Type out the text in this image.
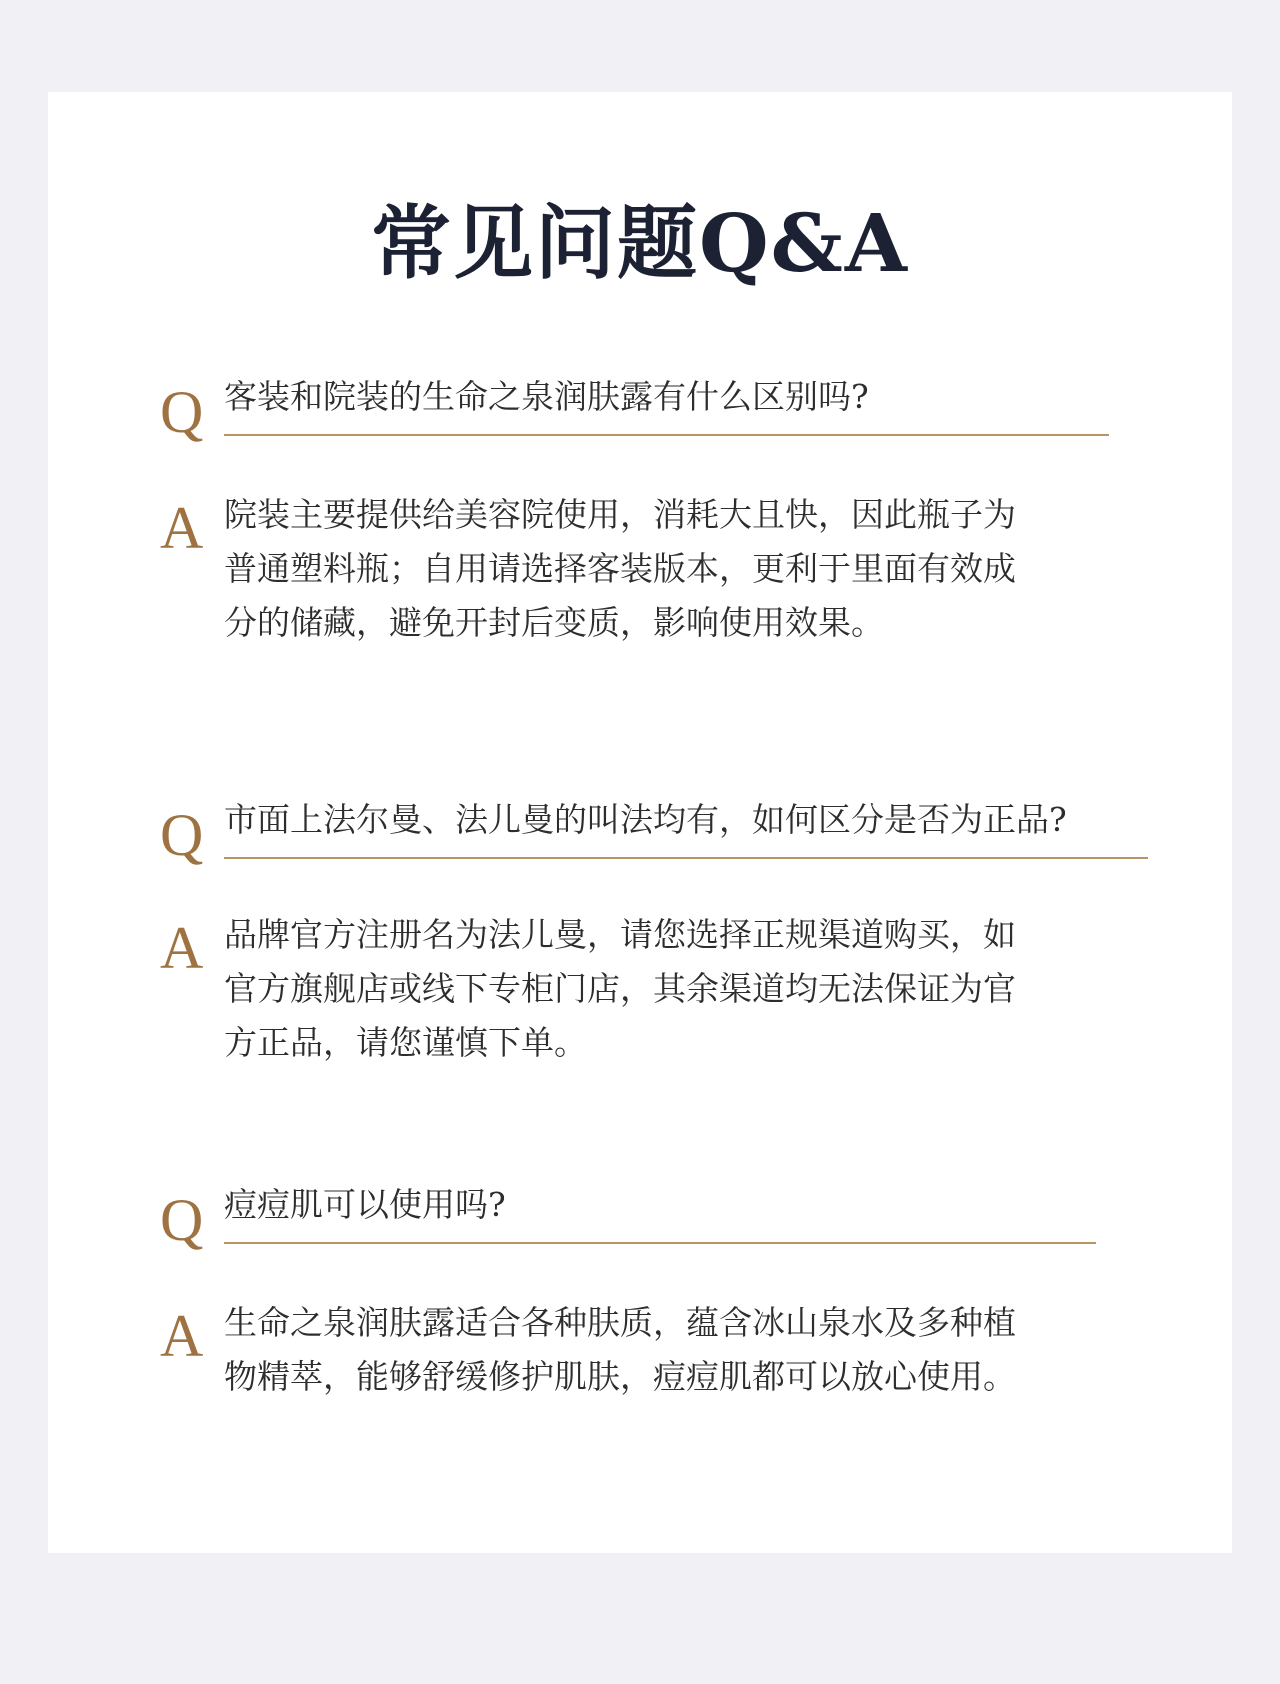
常见问题Q&A
Q 客装和院装的生命之泉润肤露有什么区别吗?
A 院装主要提供给美容院使用，消耗大且快，因此瓶子为
普通塑料瓶；自用请选择客装版本，更利于里面有效成
分的储藏，避免开封后变质，影响使用效果。
Q 市面上法尔曼、法儿曼的叫法均有，如何区分是否为正品?
A 品牌官方注册名为法儿曼，请您选择正规渠道购买，如
官方旗舰店或线下专柜门店，其余渠道均无法保证为官
方正品，请您谨慎下单。
Q 痘痘肌可以使用吗?
A 生命之泉润肤露适合各种肤质，蕴含冰山泉水及多种植
物精萃，能够舒缓修护肌肤，痘痘肌都可以放心使用。
